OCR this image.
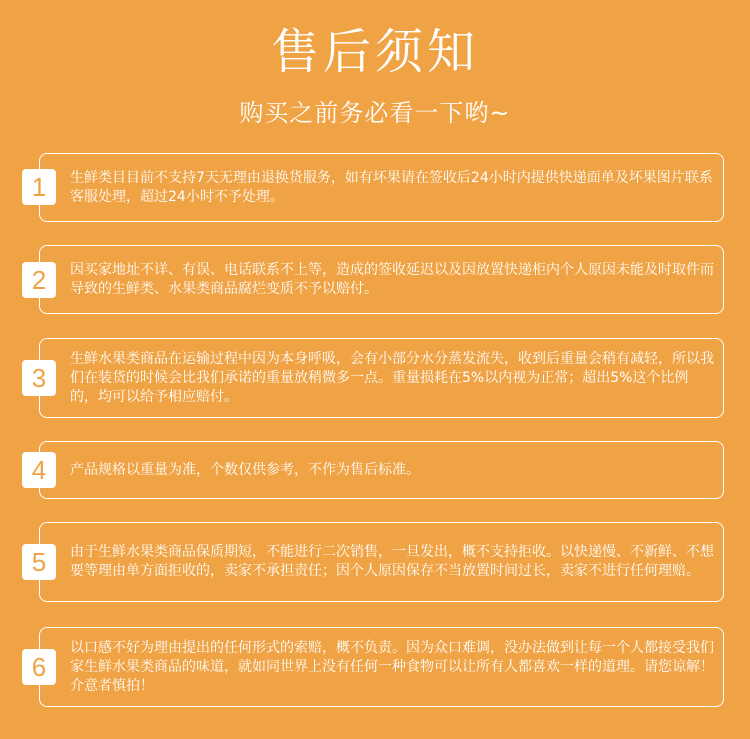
售后须知
购买之前务必看一下哟~
1	生鲜类目目前不支持7天无理由退换货服务，如有坏果请在签收后24小时内提供快递面单及坏果图片联系客服处理，超过24小时不予处理。
2	因买家地址不详、有误、电话联系不上等，造成的签收延迟以及因放置快递柜内个人原因未能及时取件而导致的生鲜类、水果类商品腐烂变质不予以赔付。
3
生鲜水果类商品在运输过程中因为本身呼吸，会有小部分水分蒸发流失，收到后重量会稍有减轻，所以我们在装货的时候会比我们承诺的重量放稍微多一点。重量损耗在5%以内视为正常；超出5%这个比例的，均可以给予相应赔付。
4	产品规格以重量为准，个数仅供参考，不作为售后标准。
5	由于生鲜水果类商品保质期短，不能进行二次销售，一旦发出，概不支持拒收。以快递慢、不新鲜、不想要等理由单方面拒收的，卖家不承担责任；因个人原因保存不当放置时间过长，卖家不进行任何理赔。
6
以口感不好为理由提出的任何形式的索赔，概不负责。因为众口难调，没办法做到让每一个人都接受我们家生鲜水果类商品的味道，就如同世界上没有任何一种食物可以让所有人都喜欢一样的道理。请您谅解！介意者慎拍！
